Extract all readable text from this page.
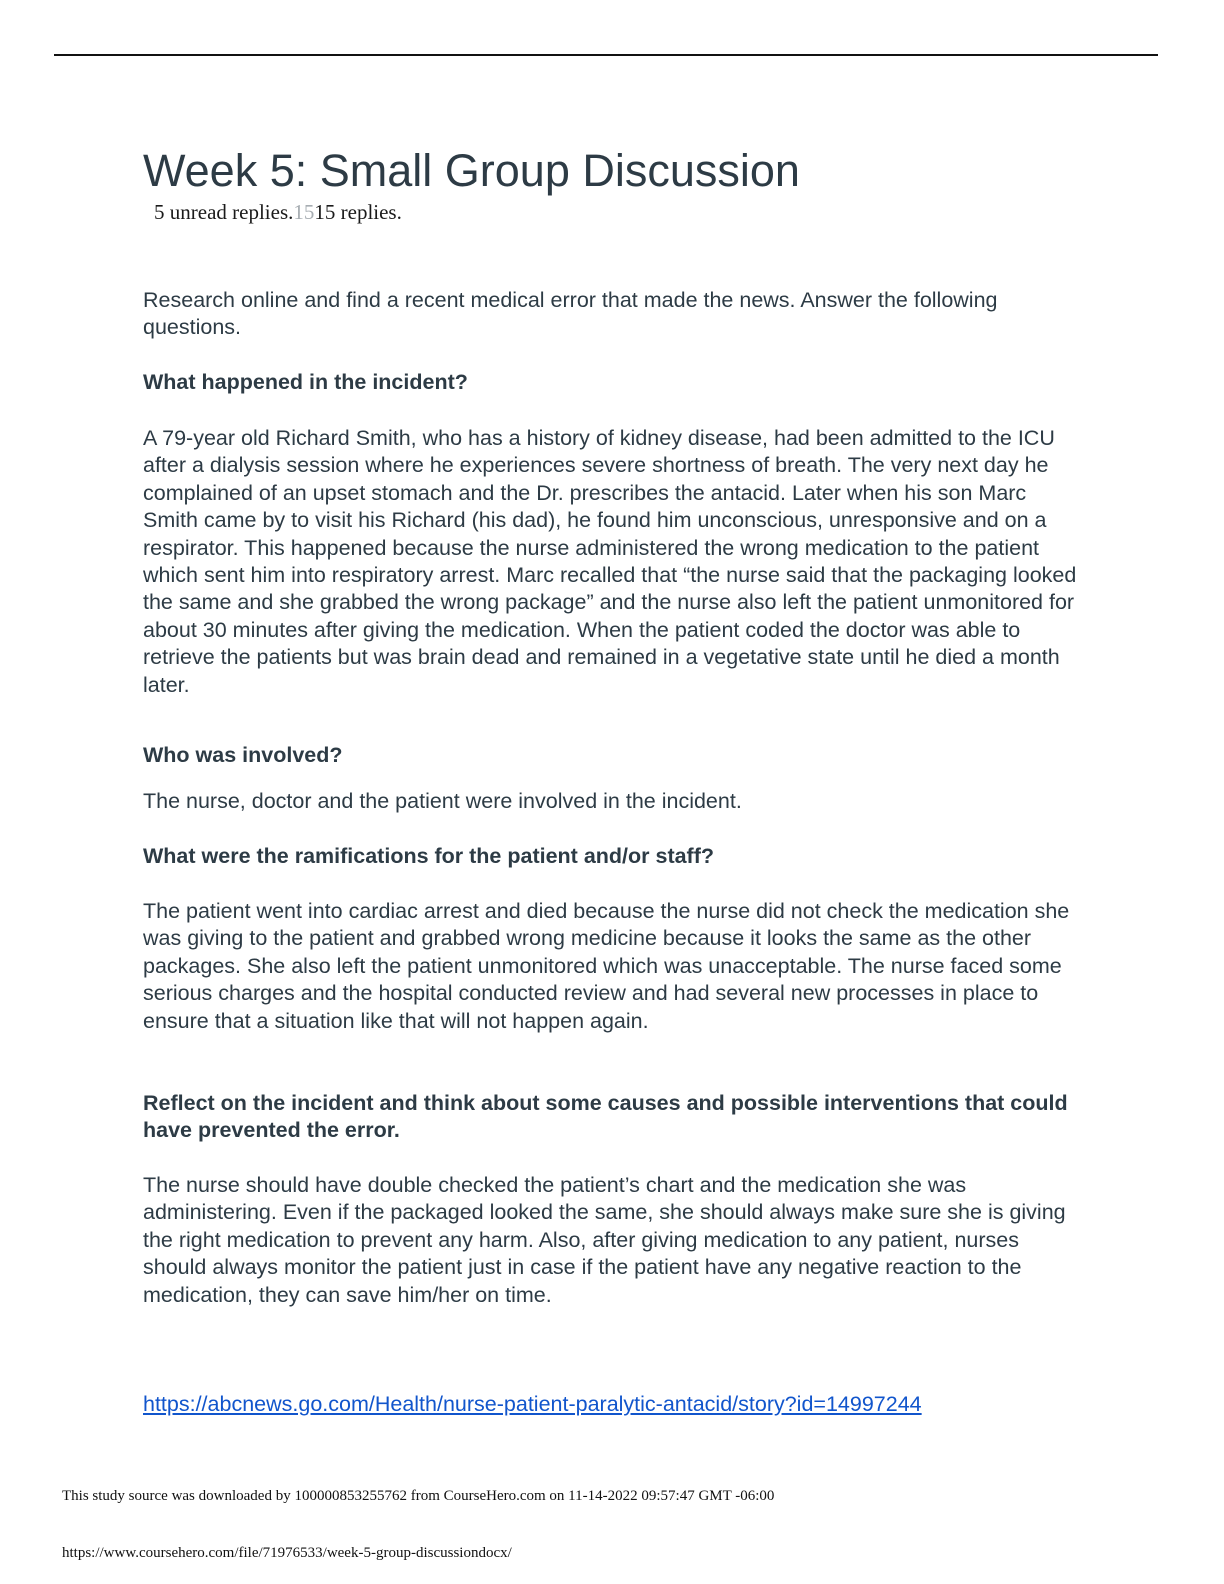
Week 5: Small Group Discussion
5 unread replies.1515 replies.

Research online and find a recent medical error that made the news. Answer the following questions.

What happened in the incident?

A 79-year old Richard Smith, who has a history of kidney disease, had been admitted to the ICU after a dialysis session where he experiences severe shortness of breath. The very next day he complained of an upset stomach and the Dr. prescribes the antacid. Later when his son Marc Smith came by to visit his Richard (his dad), he found him unconscious, unresponsive and on a respirator. This happened because the nurse administered the wrong medication to the patient which sent him into respiratory arrest. Marc recalled that “the nurse said that the packaging looked the same and she grabbed the wrong package” and the nurse also left the patient unmonitored for about 30 minutes after giving the medication. When the patient coded the doctor was able to retrieve the patients but was brain dead and remained in a vegetative state until he died a month later.

Who was involved?

The nurse, doctor and the patient were involved in the incident.

What were the ramifications for the patient and/or staff?

The patient went into cardiac arrest and died because the nurse did not check the medication she was giving to the patient and grabbed wrong medicine because it looks the same as the other packages. She also left the patient unmonitored which was unacceptable. The nurse faced some serious charges and the hospital conducted review and had several new processes in place to ensure that a situation like that will not happen again.

Reflect on the incident and think about some causes and possible interventions that could have prevented the error.

The nurse should have double checked the patient’s chart and the medication she was administering. Even if the packaged looked the same, she should always make sure she is giving the right medication to prevent any harm. Also, after giving medication to any patient, nurses should always monitor the patient just in case if the patient have any negative reaction to the medication, they can save him/her on time.

https://abcnews.go.com/Health/nurse-patient-paralytic-antacid/story?id=14997244
This study source was downloaded by 100000853255762 from CourseHero.com on 11-14-2022 09:57:47 GMT -06:00
https://www.coursehero.com/file/71976533/week-5-group-discussiondocx/
